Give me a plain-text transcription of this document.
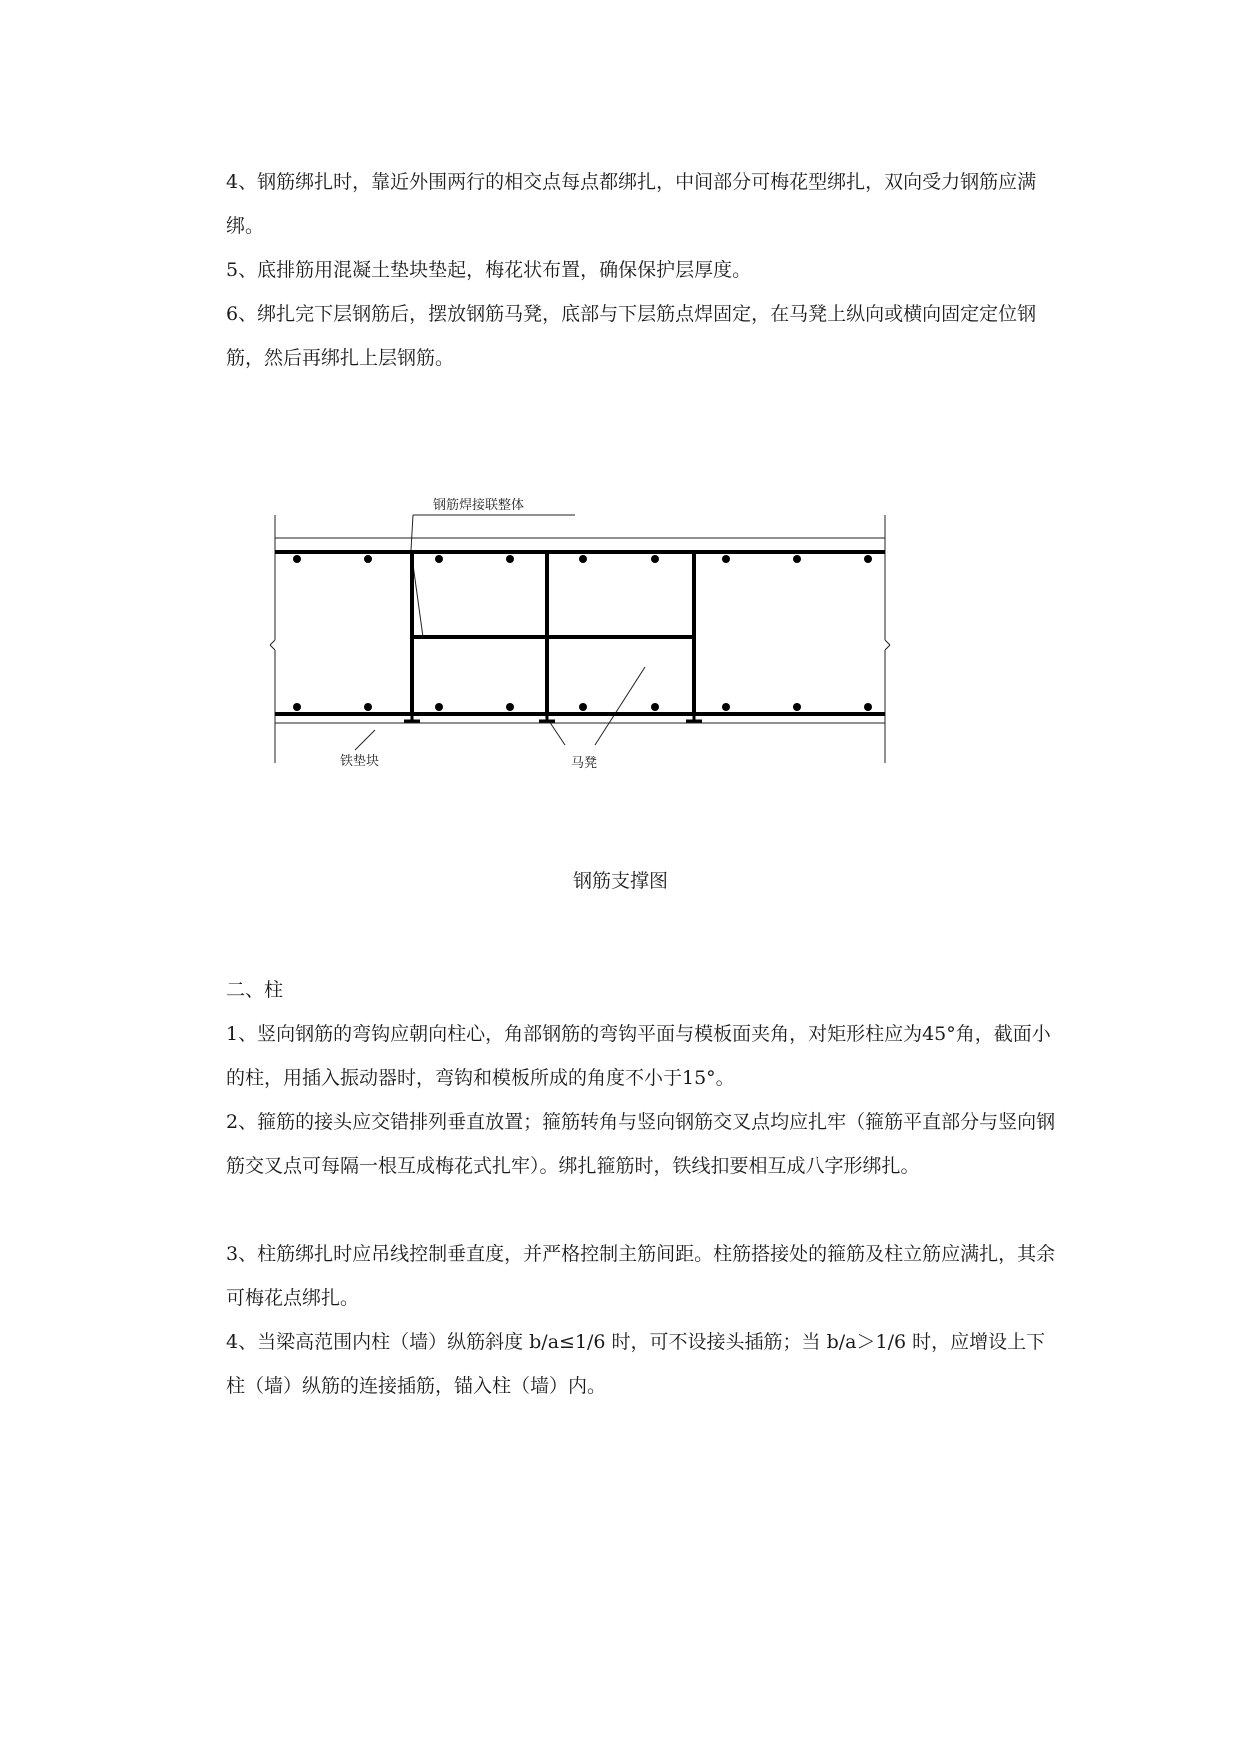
4、钢筋绑扎时，靠近外围两行的相交点每点都绑扎，中间部分可梅花型绑扎，双向受力钢筋应满绑。

5、底排筋用混凝土垫块垫起，梅花状布置，确保保护层厚度。

6、绑扎完下层钢筋后，摆放钢筋马凳，底部与下层筋点焊固定，在马凳上纵向或横向固定定位钢筋，然后再绑扎上层钢筋。

钢筋焊接联整体
铁垫块	马凳
钢筋支撑图

二、柱

1、竖向钢筋的弯钩应朝向柱心，角部钢筋的弯钩平面与模板面夹角，对矩形柱应为45°角，截面小的柱，用插入振动器时，弯钩和模板所成的角度不小于15°。

2、箍筋的接头应交错排列垂直放置；箍筋转角与竖向钢筋交叉点均应扎牢（箍筋平直部分与竖向钢筋交叉点可每隔一根互成梅花式扎牢）。绑扎箍筋时，铁线扣要相互成八字形绑扎。

3、柱筋绑扎时应吊线控制垂直度，并严格控制主筋间距。柱筋搭接处的箍筋及柱立筋应满扎，其余可梅花点绑扎。

4、当梁高范围内柱（墙）纵筋斜度 b/a≤1/6 时，可不设接头插筋；当 b/a＞1/6 时，应增设上下柱（墙）纵筋的连接插筋，锚入柱（墙）内。
